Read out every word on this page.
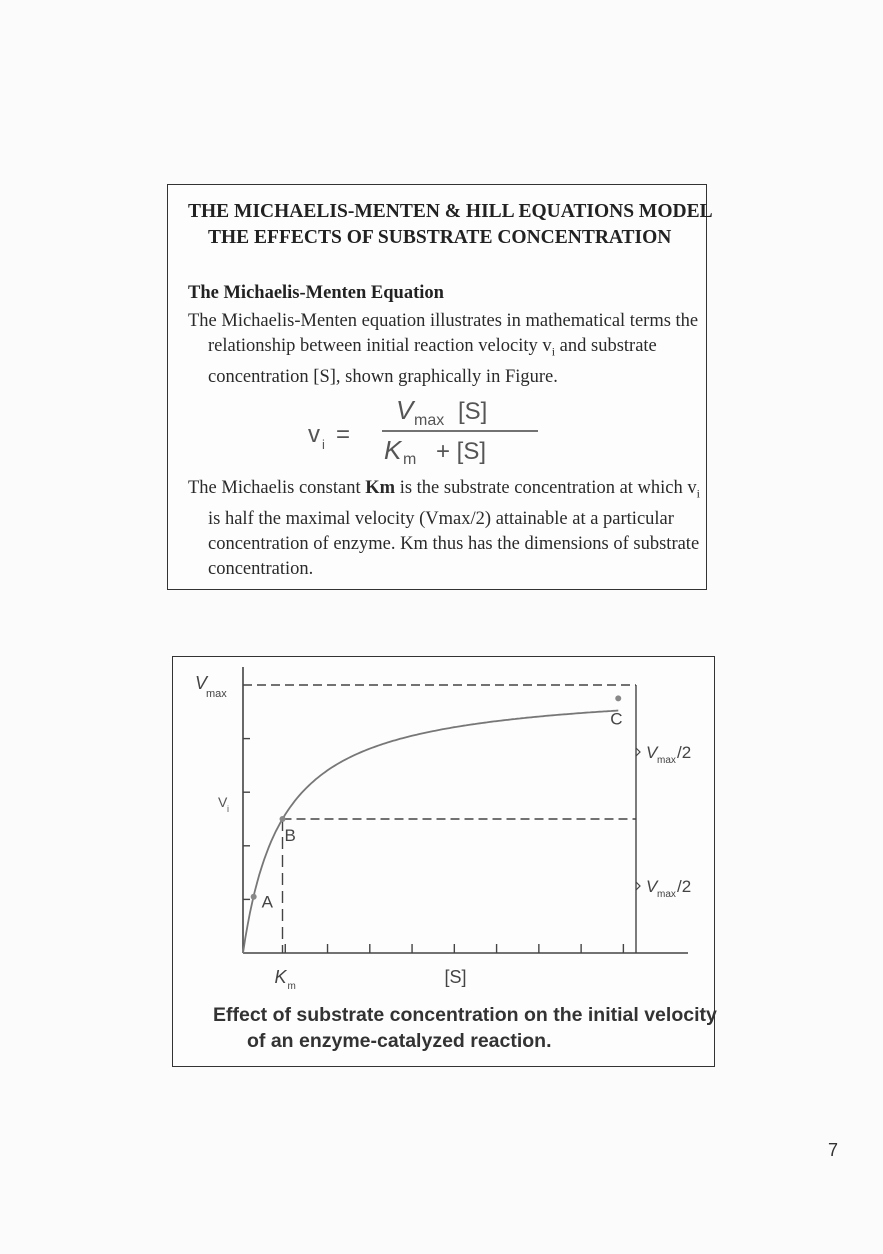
THE MICHAELIS-MENTEN & HILL EQUATIONS MODEL THE EFFECTS OF SUBSTRATE CONCENTRATION
The Michaelis-Menten Equation
The Michaelis-Menten equation illustrates in mathematical terms the relationship between initial reaction velocity $v_i$ and substrate concentration [S], shown graphically in Figure.
v i =
V max [S]
K m + [S]
The Michaelis constant Km is the substrate concentration at which $v_i$ is half the maximal velocity (Vmax/2) attainable at a particular concentration of enzyme. Km thus has the dimensions of substrate concentration.
A
B
C
V
max
V i
K m	[S]
V max /2
V max /2
Effect of substrate concentration on the initial velocity of an enzyme-catalyzed reaction.
7
